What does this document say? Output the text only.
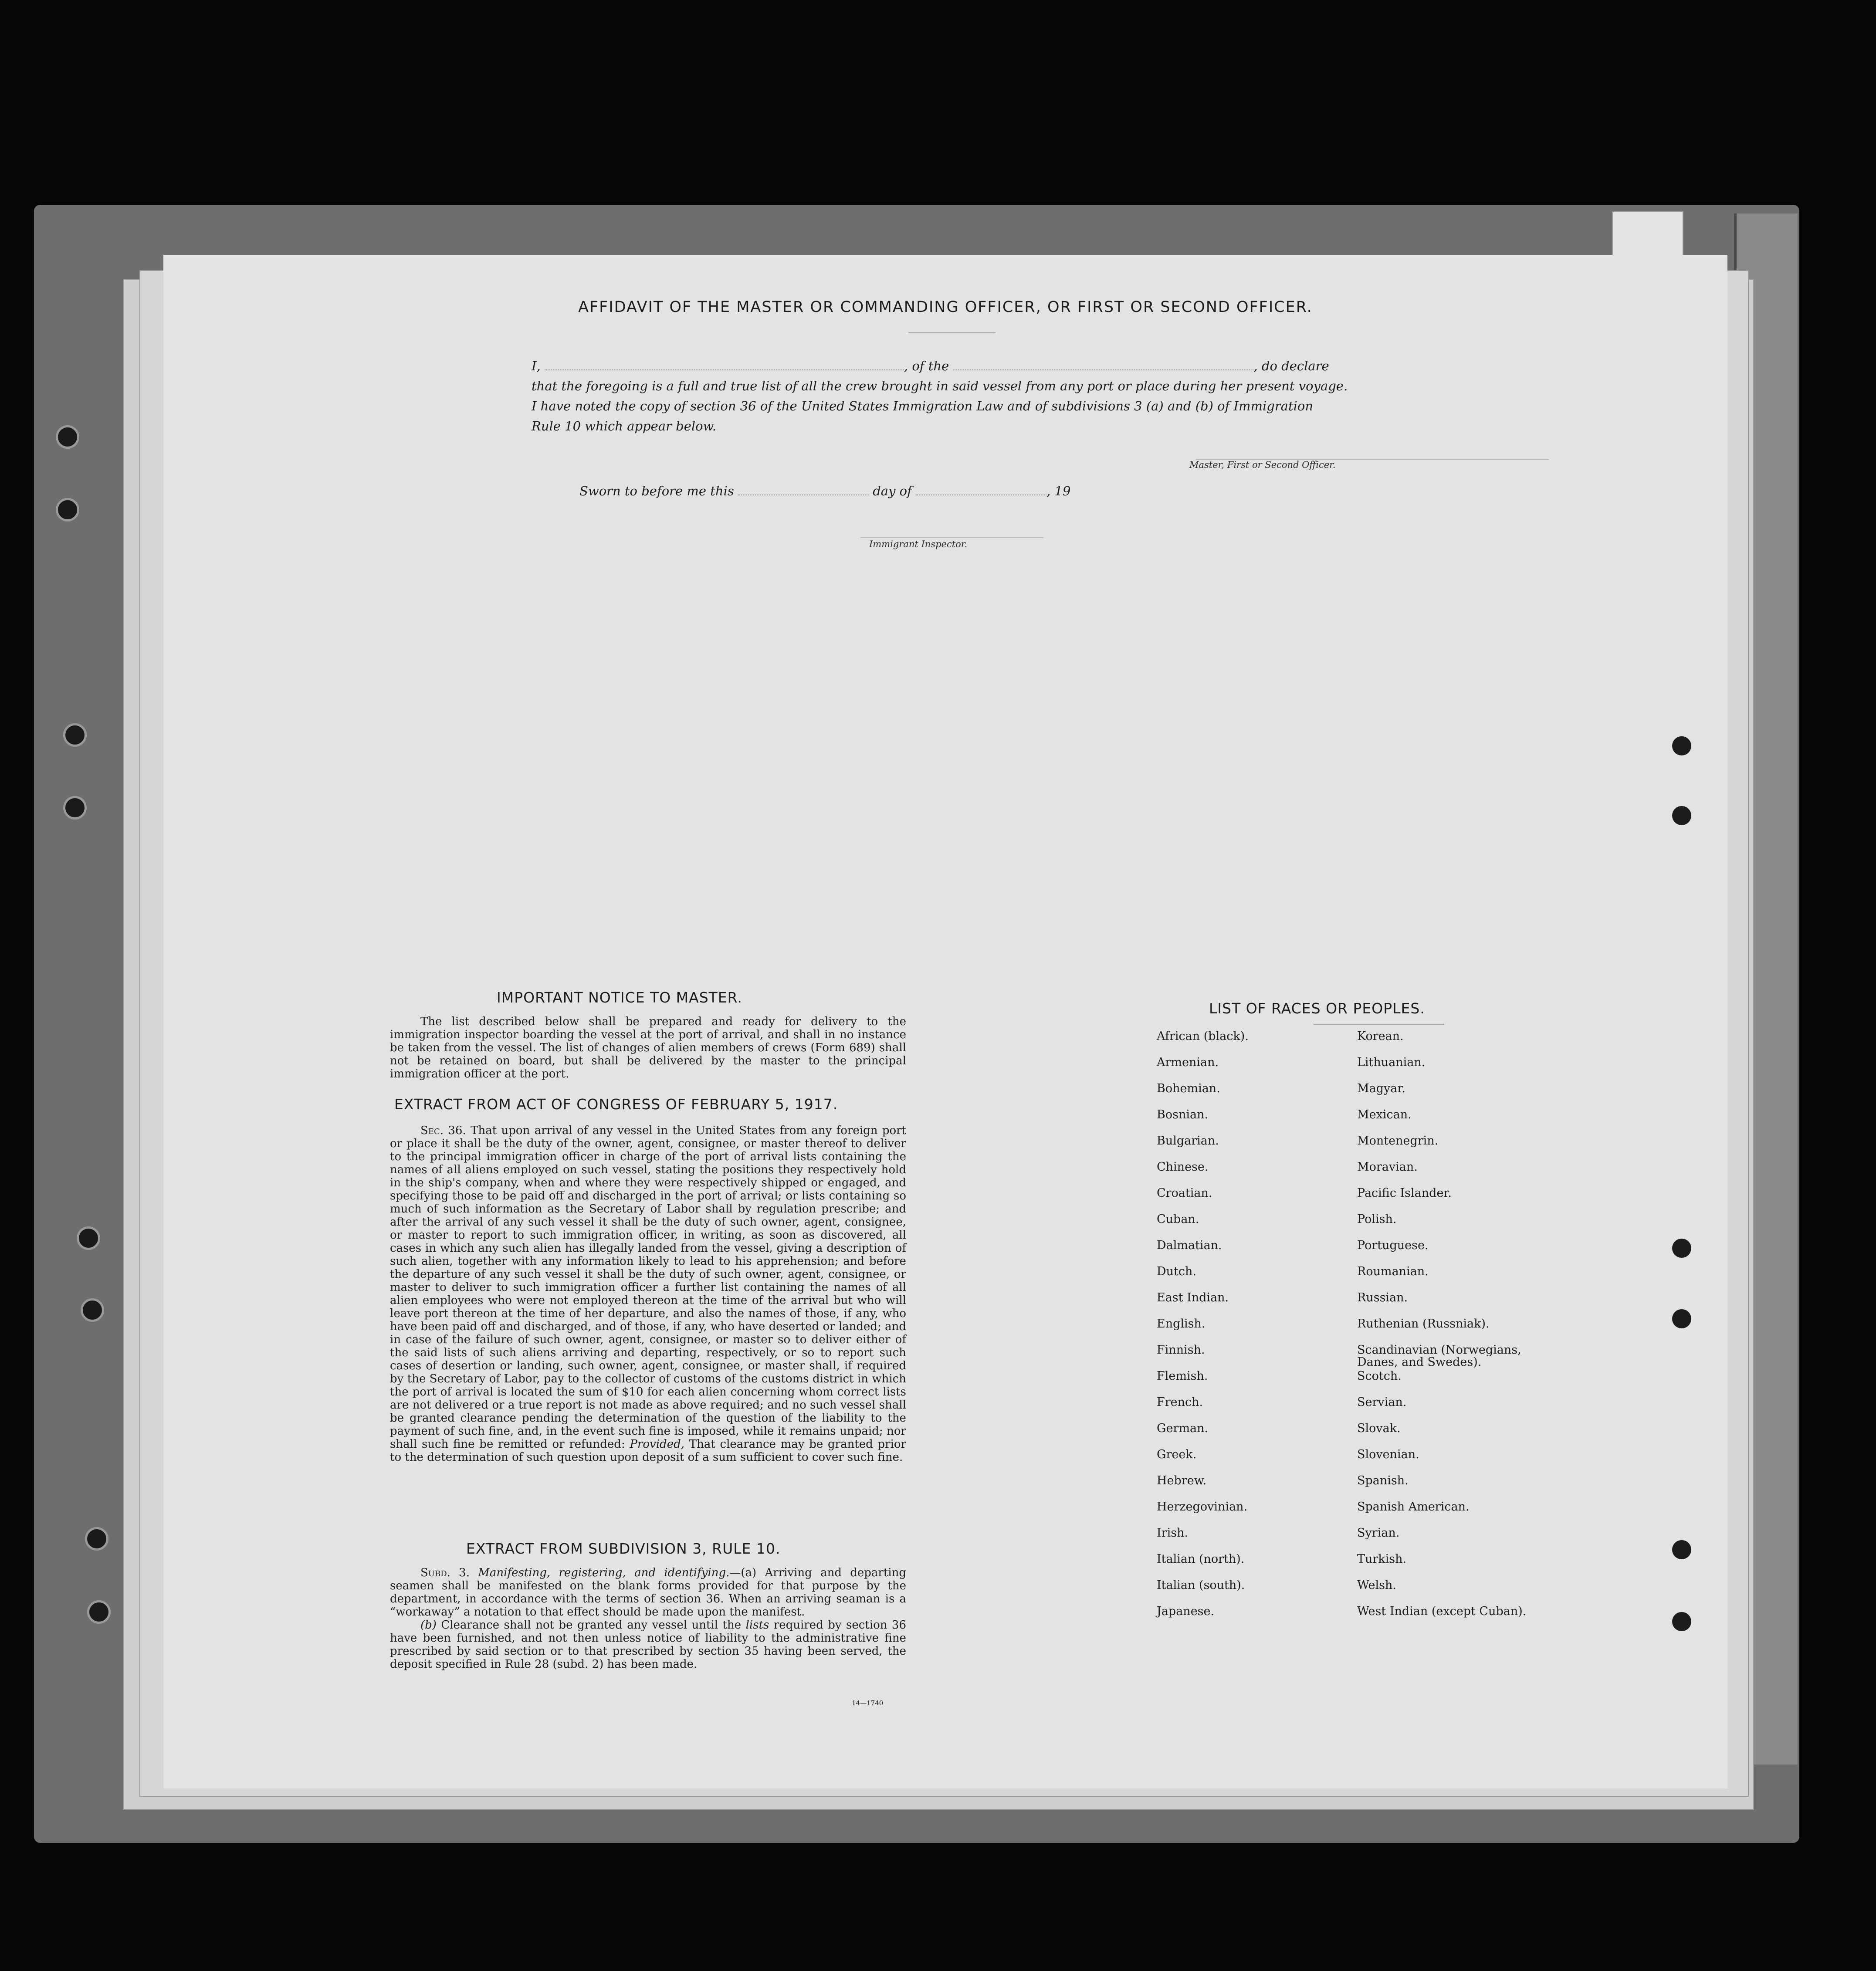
AFFIDAVIT OF THE MASTER OR COMMANDING OFFICER, OR FIRST OR SECOND OFFICER.
I,	, of the	, do declare
that the foregoing is a full and true list of all the crew brought in said vessel from any port or place during her present voyage.
I have noted the copy of section 36 of the United States Immigration Law and of subdivisions 3 (a) and (b) of Immigration
Rule 10 which appear below.
Master, First or Second Officer.
Sworn to before me this	day of	, 19
Immigrant Inspector.
IMPORTANT NOTICE TO MASTER.

The list described below shall be prepared and ready for delivery to the immigration inspector boarding the vessel at the port of arrival, and shall in no instance be taken from the vessel. The list of changes of alien members of crews (Form 689) shall not be retained on board, but shall be delivered by the master to the principal immigration officer at the port.

EXTRACT FROM ACT OF CONGRESS OF FEBRUARY 5, 1917.

Sec. 36. That upon arrival of any vessel in the United States from any foreign port or place it shall be the duty of the owner, agent, consignee, or master thereof to deliver to the principal immigration officer in charge of the port of arrival lists containing the names of all aliens employed on such vessel, stating the positions they respectively hold in the ship's company, when and where they were respectively shipped or engaged, and specifying those to be paid off and discharged in the port of arrival; or lists containing so much of such information as the Secretary of Labor shall by regulation prescribe; and after the arrival of any such vessel it shall be the duty of such owner, agent, consignee, or master to report to such immigration officer, in writing, as soon as discovered, all cases in which any such alien has illegally landed from the vessel, giving a description of such alien, together with any information likely to lead to his apprehension; and before the departure of any such vessel it shall be the duty of such owner, agent, consignee, or master to deliver to such immigration officer a further list containing the names of all alien employees who were not employed thereon at the time of the arrival but who will leave port thereon at the time of her departure, and also the names of those, if any, who have been paid off and discharged, and of those, if any, who have deserted or landed; and in case of the failure of such owner, agent, consignee, or master so to deliver either of the said lists of such aliens arriving and departing, respectively, or so to report such cases of desertion or landing, such owner, agent, consignee, or master shall, if required by the Secretary of Labor, pay to the collector of customs of the customs district in which the port of arrival is located the sum of $10 for each alien concerning whom correct lists are not delivered or a true report is not made as above required; and no such vessel shall be granted clearance pending the determination of the question of the liability to the payment of such fine, and, in the event such fine is imposed, while it remains unpaid; nor shall such fine be remitted or refunded: Provided, That clearance may be granted prior to the determination of such question upon deposit of a sum sufficient to cover such fine.

EXTRACT FROM SUBDIVISION 3, RULE 10.

Subd. 3. Manifesting, registering, and identifying.—(a) Arriving and departing seamen shall be manifested on the blank forms provided for that purpose by the department, in accordance with the terms of section 36. When an arriving seaman is a “workaway” a notation to that effect should be made upon the manifest.

(b) Clearance shall not be granted any vessel until the lists required by section 36 have been furnished, and not then unless notice of liability to the administrative fine prescribed by said section or to that prescribed by section 35 having been served, the deposit specified in Rule 28 (subd. 2) has been made.

14—1740
LIST OF RACES OR PEOPLES.
African (black).	Korean.
Armenian.	Lithuanian.
Bohemian.	Magyar.
Bosnian.	Mexican.
Bulgarian.	Montenegrin.
Chinese.	Moravian.
Croatian.	Pacific Islander.
Cuban.	Polish.
Dalmatian.	Portuguese.
Dutch.	Roumanian.
East Indian.	Russian.
English.	Ruthenian (Russniak).
Finnish.	Scandinavian (Norwegians,
Danes, and Swedes).
Flemish.	Scotch.
French.	Servian.
German.	Slovak.
Greek.	Slovenian.
Hebrew.	Spanish.
Herzegovinian.	Spanish American.
Irish.	Syrian.
Italian (north).	Turkish.
Italian (south).	Welsh.
Japanese.	West Indian (except Cuban).
